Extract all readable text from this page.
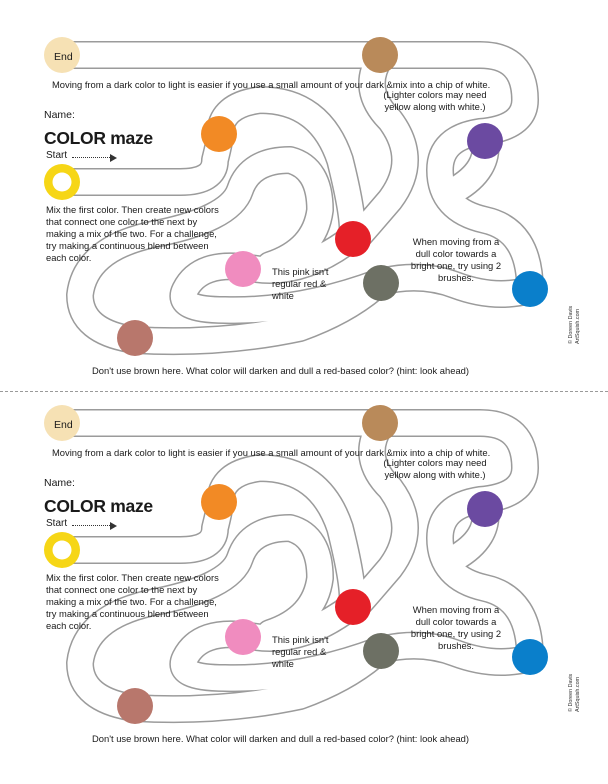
End

Moving from a dark color to light is easier if you use a small amount of your dark &mix into a chip of white.

(Lighter colors may need yellow along with white.)

Name:
COLOR maze
Start

Mix the first color. Then create new colors that connect one color to the next by making a mix of the two. For a challenge, try making a continuous blend between each color.

This pink isn't regular red & white

When moving from a dull color towards a bright one, try using 2 brushes.

Don't use brown here. What color will darken and dull a red-based color? (hint: look ahead)

© Doreen Davis ArtSquish.com
End

Moving from a dark color to light is easier if you use a small amount of your dark &mix into a chip of white.

(Lighter colors may need yellow along with white.)

Name:
COLOR maze
Start

Mix the first color. Then create new colors that connect one color to the next by making a mix of the two. For a challenge, try making a continuous blend between each color.

This pink isn't regular red & white

When moving from a dull color towards a bright one, try using 2 brushes.

Don't use brown here. What color will darken and dull a red-based color? (hint: look ahead)

© Doreen Davis ArtSquish.com
